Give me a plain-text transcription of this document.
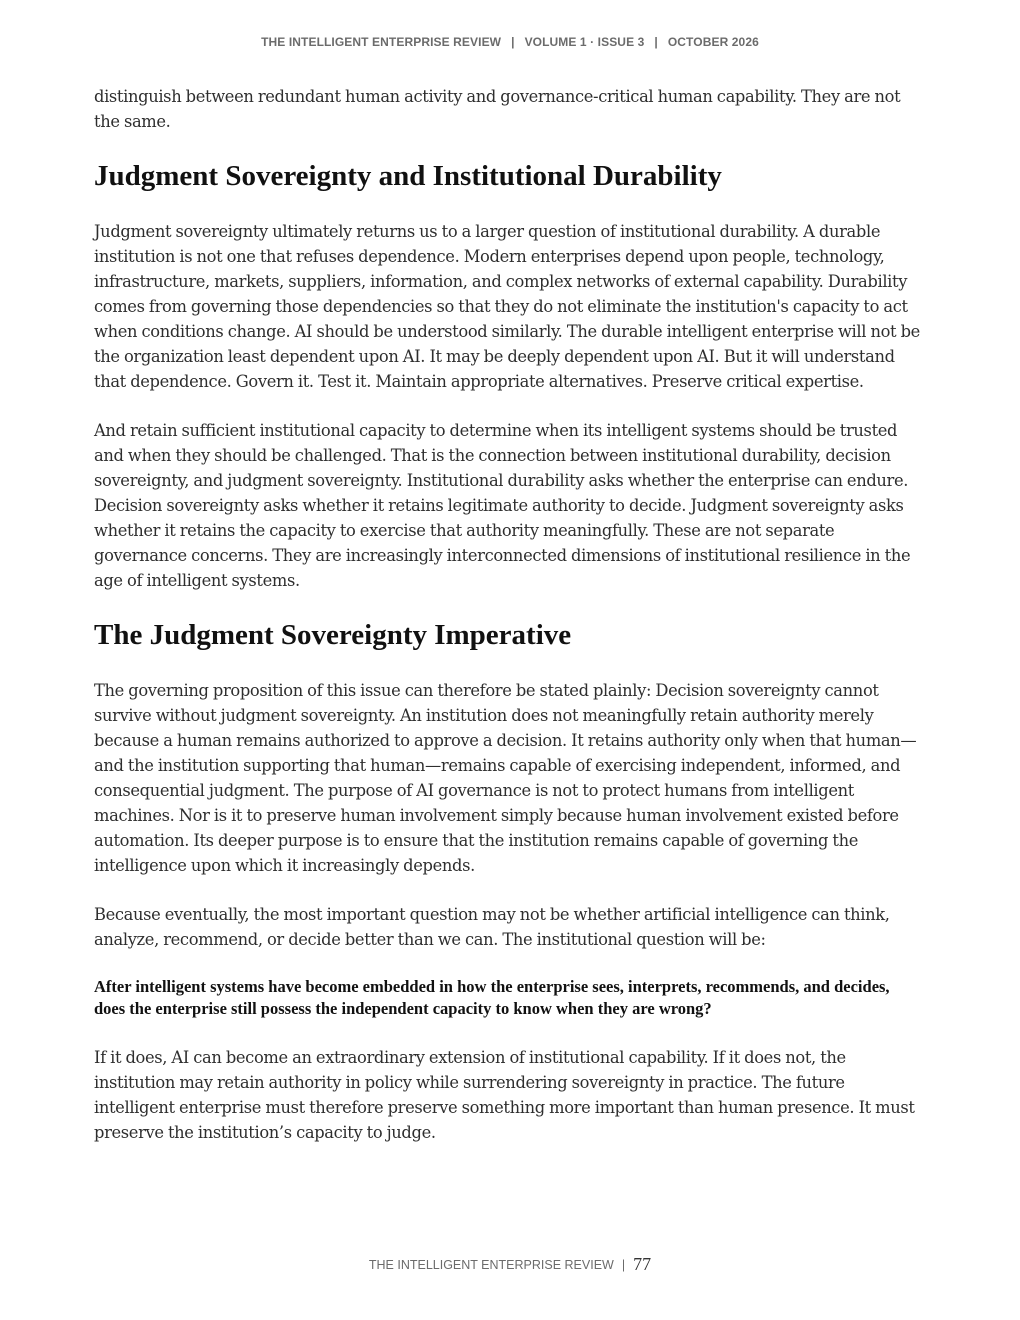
THE INTELLIGENT ENTERPRISE REVIEW | VOLUME 1 · ISSUE 3 | OCTOBER 2026

distinguish between redundant human activity and governance-critical human capability. They are not the same.

Judgment Sovereignty and Institutional Durability

Judgment sovereignty ultimately returns us to a larger question of institutional durability. A durable institution is not one that refuses dependence. Modern enterprises depend upon people, technology, infrastructure, markets, suppliers, information, and complex networks of external capability. Durability comes from governing those dependencies so that they do not eliminate the institution's capacity to act when conditions change. AI should be understood similarly. The durable intelligent enterprise will not be the organization least dependent upon AI. It may be deeply dependent upon AI. But it will understand that dependence. Govern it. Test it. Maintain appropriate alternatives. Preserve critical expertise.

And retain sufficient institutional capacity to determine when its intelligent systems should be trusted and when they should be challenged. That is the connection between institutional durability, decision sovereignty, and judgment sovereignty. Institutional durability asks whether the enterprise can endure. Decision sovereignty asks whether it retains legitimate authority to decide. Judgment sovereignty asks whether it retains the capacity to exercise that authority meaningfully. These are not separate governance concerns. They are increasingly interconnected dimensions of institutional resilience in the age of intelligent systems.

The Judgment Sovereignty Imperative

The governing proposition of this issue can therefore be stated plainly: Decision sovereignty cannot survive without judgment sovereignty. An institution does not meaningfully retain authority merely because a human remains authorized to approve a decision. It retains authority only when that human—and the institution supporting that human—remains capable of exercising independent, informed, and consequential judgment. The purpose of AI governance is not to protect humans from intelligent machines. Nor is it to preserve human involvement simply because human involvement existed before automation. Its deeper purpose is to ensure that the institution remains capable of governing the intelligence upon which it increasingly depends.

Because eventually, the most important question may not be whether artificial intelligence can think, analyze, recommend, or decide better than we can. The institutional question will be:

After intelligent systems have become embedded in how the enterprise sees, interprets, recommends, and decides, does the enterprise still possess the independent capacity to know when they are wrong?

If it does, AI can become an extraordinary extension of institutional capability. If it does not, the institution may retain authority in policy while surrendering sovereignty in practice. The future intelligent enterprise must therefore preserve something more important than human presence. It must preserve the institution’s capacity to judge.

THE INTELLIGENT ENTERPRISE REVIEW | 77
